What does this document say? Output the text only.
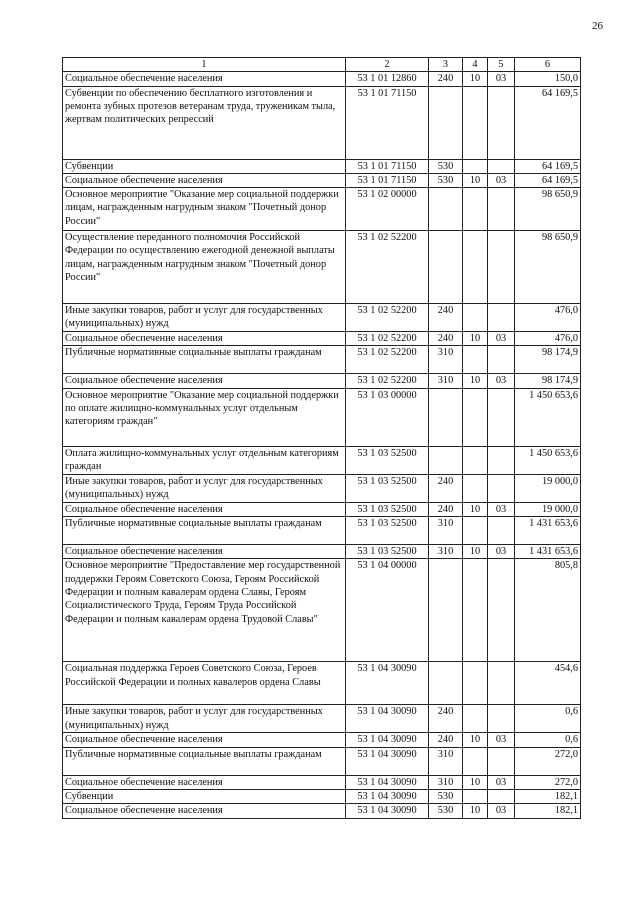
26
1	2	3	4	5	6
Социальное обеспечение населения	53 1 01 12860	240	10	03	150,0
Субвенции по обеспечению бесплатного изготовления и ремонта зубных протезов ветеранам труда, труженикам тыла, жертвам политических репрессий	53 1 01 71150				64 169,5
Субвенции	53 1 01 71150	530			64 169,5
Социальное обеспечение населения	53 1 01 71150	530	10	03	64 169,5
Основное мероприятие "Оказание мер социальной поддержки лицам, награжденным нагрудным знаком "Почетный донор России"	53 1 02 00000				98 650,9
Осуществление переданного полномочия Российской Федерации по осуществлению ежегодной денежной выплаты лицам, награжденным нагрудным знаком "Почетный донор России"	53 1 02 52200				98 650,9
Иные закупки товаров, работ и услуг для государственных (муниципальных) нужд	53 1 02 52200	240			476,0
Социальное обеспечение населения	53 1 02 52200	240	10	03	476,0
Публичные нормативные социальные выплаты гражданам	53 1 02 52200	310			98 174,9
Социальное обеспечение населения	53 1 02 52200	310	10	03	98 174,9
Основное мероприятие "Оказание мер социальной поддержки по оплате жилищно-коммунальных услуг отдельным категориям граждан"	53 1 03 00000				1 450 653,6
Оплата жилищно-коммунальных услуг отдельным категориям граждан	53 1 03 52500				1 450 653,6
Иные закупки товаров, работ и услуг для государственных (муниципальных) нужд	53 1 03 52500	240			19 000,0
Социальное обеспечение населения	53 1 03 52500	240	10	03	19 000,0
Публичные нормативные социальные выплаты гражданам	53 1 03 52500	310			1 431 653,6
Социальное обеспечение населения	53 1 03 52500	310	10	03	1 431 653,6
Основное мероприятие "Предоставление мер государственной поддержки Героям Советского Союза, Героям Российской Федерации и полным кавалерам ордена Славы, Героям Социалистического Труда, Героям Труда Российской Федерации и полным кавалерам ордена Трудовой Славы"	53 1 04 00000				805,8
Социальная поддержка Героев Советского Союза, Героев Российской Федерации и полных кавалеров ордена Славы	53 1 04 30090				454,6
Иные закупки товаров, работ и услуг для государственных (муниципальных) нужд	53 1 04 30090	240			0,6
Социальное обеспечение населения	53 1 04 30090	240	10	03	0,6
Публичные нормативные социальные выплаты гражданам	53 1 04 30090	310			272,0
Социальное обеспечение населения	53 1 04 30090	310	10	03	272,0
Субвенции	53 1 04 30090	530			182,1
Социальное обеспечение населения	53 1 04 30090	530	10	03	182,1
